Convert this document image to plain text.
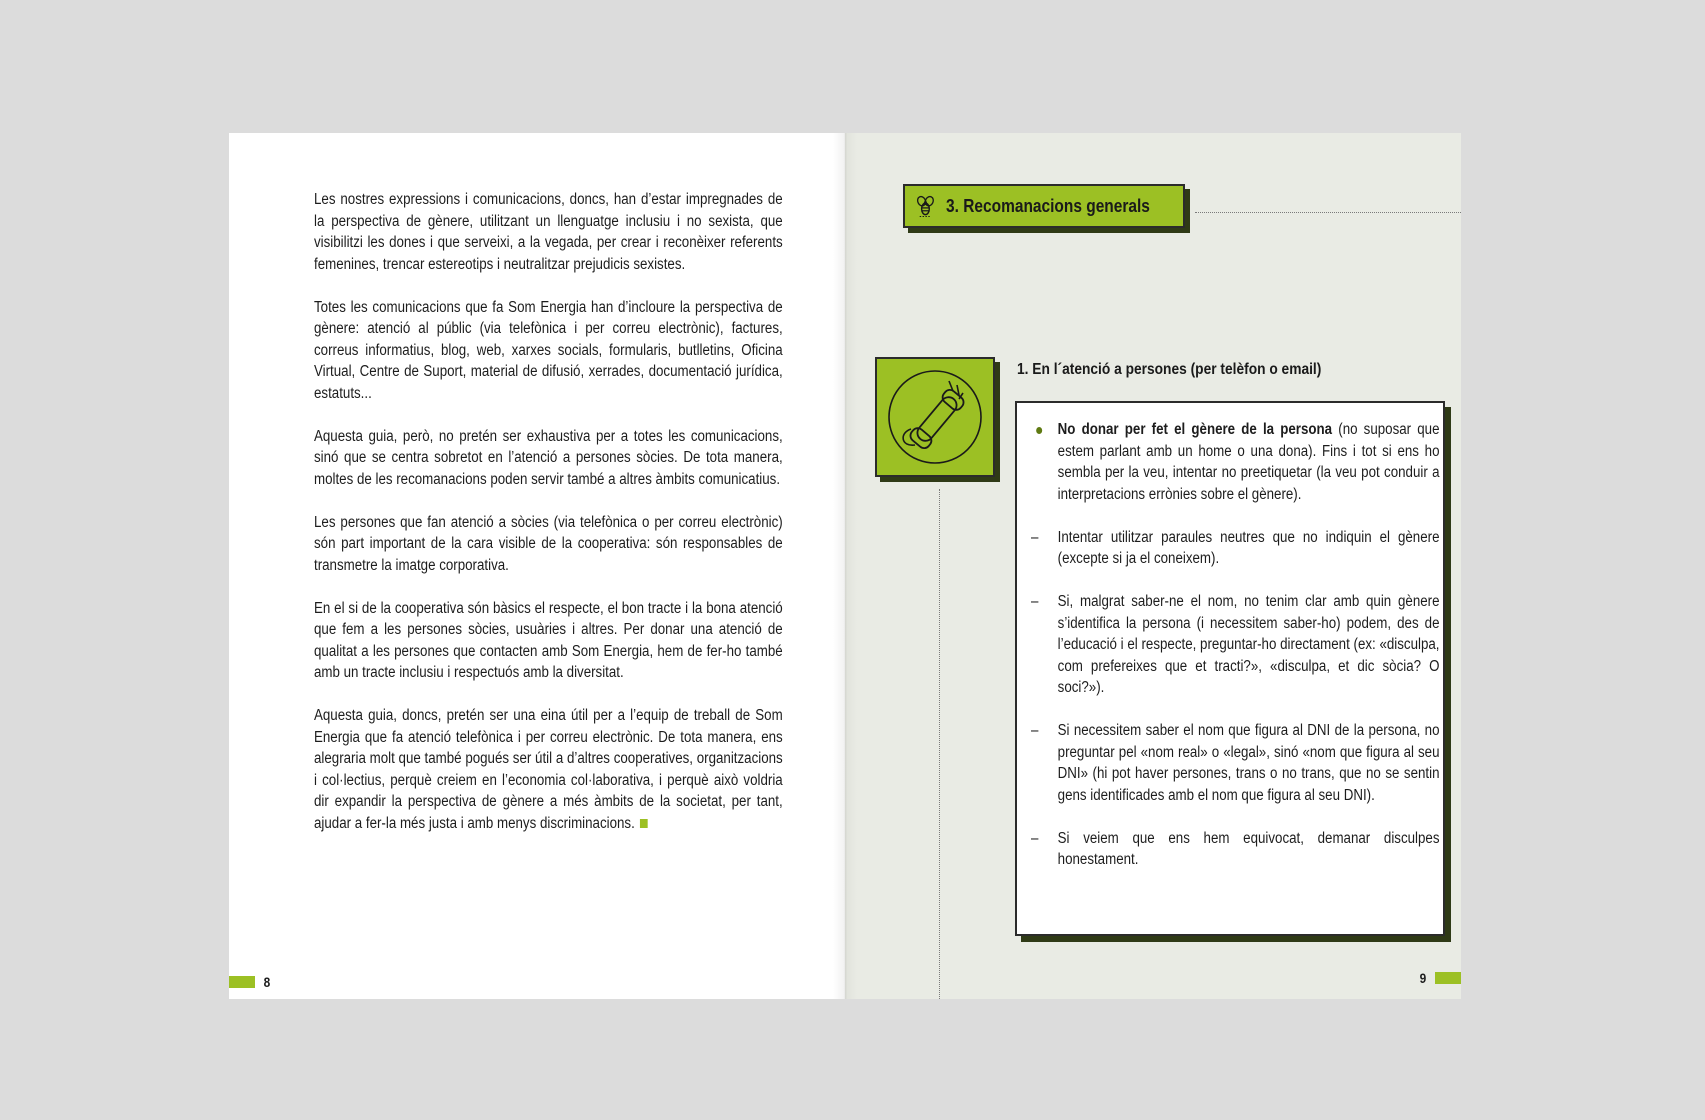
Les nostres expressions i comunicacions, doncs, han d’estar impregnades de la perspectiva de gènere, utilitzant un llenguatge inclusiu i no sexista, que visibilitzi les dones i que serveixi, a la vegada, per crear i reconèixer referents femenines, trencar estereotips i neutralitzar prejudicis sexistes.

Totes les comunicacions que fa Som Energia han d’incloure la perspectiva de gènere: atenció al públic (via telefònica i per correu electrònic), factures, correus informatius, blog, web, xarxes socials, formularis, butlletins, Oficina Virtual, Centre de Suport, material de difusió, xerrades, documentació jurídica, estatuts...

Aquesta guia, però, no pretén ser exhaustiva per a totes les comunicacions, sinó que se centra sobretot en l’atenció a persones sòcies. De tota manera, moltes de les recomanacions poden servir també a altres àmbits comunicatius.

Les persones que fan atenció a sòcies (via telefònica o per correu electrònic) són part important de la cara visible de la cooperativa: són responsables de transmetre la imatge corporativa.

En el si de la cooperativa són bàsics el respecte, el bon tracte i la bona atenció que fem a les persones sòcies, usuàries i altres. Per donar una atenció de qualitat a les persones que contacten amb Som Energia, hem de fer-ho també amb un tracte inclusiu i respectuós amb la diversitat.

Aquesta guia, doncs, pretén ser una eina útil per a l’equip de treball de Som Energia que fa atenció telefònica i per correu electrònic. De tota manera, ens alegraria molt que també pogués ser útil a d’altres cooperatives, organitzacions i col·lectius, perquè creiem en l’economia col·laborativa, i perquè això voldria dir expandir la perspectiva de gènere a més àmbits de la societat, per tant, ajudar a fer-la més justa i amb menys discriminacions.

8
3. Recomanacions generals
1. En l´atenció a persones (per telèfon o email)
No donar per fet el gènere de la persona (no suposar que estem parlant amb un home o una dona). Fins i tot si ens ho sembla per la veu, intentar no preetiquetar (la veu pot conduir a interpretacions errònies sobre el gènere).
–	Intentar utilitzar paraules neutres que no indiquin el gènere (excepte si ja el coneixem).
–	Si, malgrat saber-ne el nom, no tenim clar amb quin gènere s’identifica la persona (i necessitem saber-ho) podem, des de l’educació i el respecte, preguntar-ho directament (ex: «disculpa, com prefereixes que et tracti?», «disculpa, et dic sòcia? O soci?»).
–	Si necessitem saber el nom que figura al DNI de la persona, no preguntar pel «nom real» o «legal», sinó «nom que figura al seu DNI» (hi pot haver persones, trans o no trans, que no se sentin gens identificades amb el nom que figura al seu DNI).
–	Si veiem que ens hem equivocat, demanar disculpes honestament.
9
